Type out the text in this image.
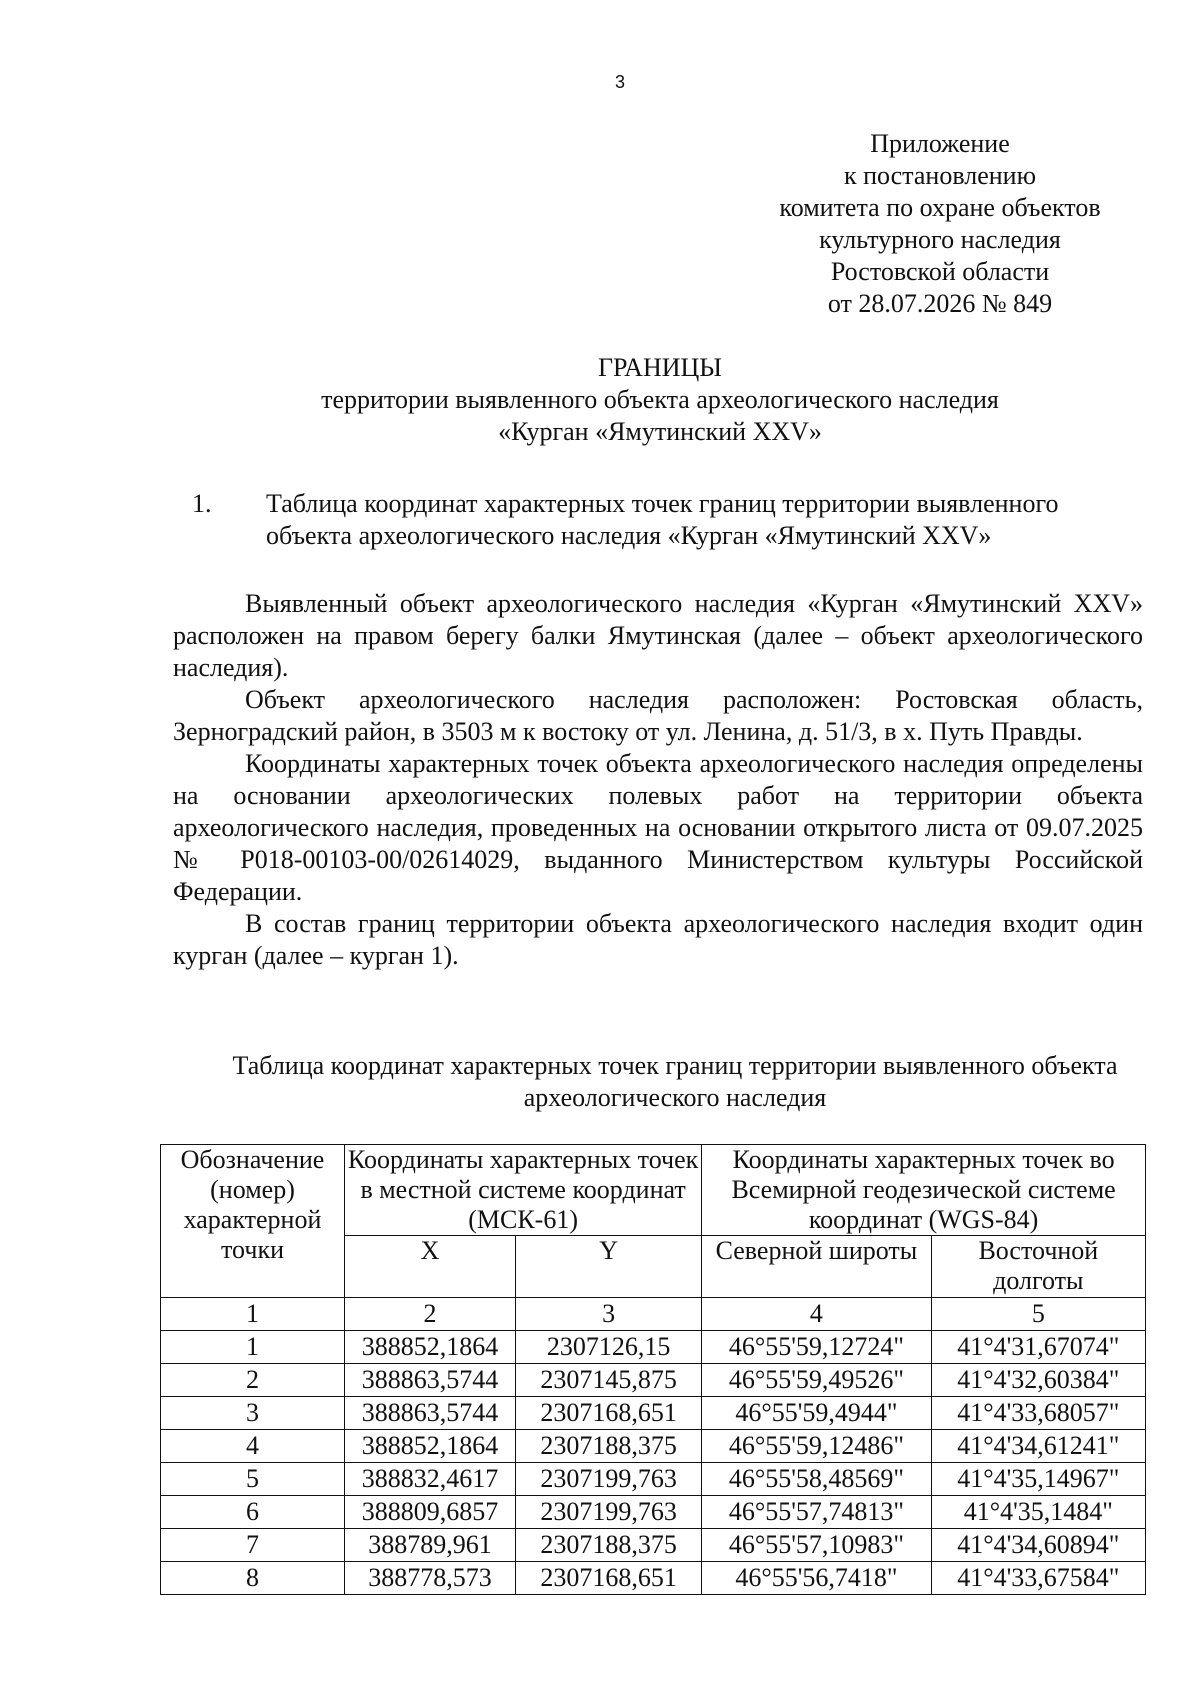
3
Приложение
к постановлению
комитета по охране объектов
культурного наследия
Ростовской области
от 28.07.2026 № 849
ГРАНИЦЫ
территории выявленного объекта археологического наследия
«Курган «Ямутинский XXV»
1. Таблица координат характерных точек границ территории выявленного объекта археологического наследия «Курган «Ямутинский XXV»

Выявленный объект археологического наследия «Курган «Ямутинский XXV» расположен на правом берегу балки Ямутинская (далее – объект археологического наследия).

Объект археологического наследия расположен: Ростовская область, Зерноградский район, в 3503 м к востоку от ул. Ленина, д. 51/3, в х. Путь Правды.

Координаты характерных точек объекта археологического наследия определены на основании археологических полевых работ на территории объекта археологического наследия, проведенных на основании открытого листа от 09.07.2025 № Р018-00103-00/02614029, выданного Министерством культуры Российской Федерации.

В состав границ территории объекта археологического наследия входит один курган (далее – курган 1).

Таблица координат характерных точек границ территории выявленного объекта археологического наследия
Обозначение (номер) характерной точки	Координаты характерных точек в местной системе координат (МСК-61)		Координаты характерных точек во Всемирной геодезической системе координат (WGS-84)	
	X	Y	Северной широты	Восточной долготы
1	2	3	4	5
1	388852,1864	2307126,15	46°55'59,12724"	41°4'31,67074"
2	388863,5744	2307145,875	46°55'59,49526"	41°4'32,60384"
3	388863,5744	2307168,651	46°55'59,4944"	41°4'33,68057"
4	388852,1864	2307188,375	46°55'59,12486"	41°4'34,61241"
5	388832,4617	2307199,763	46°55'58,48569"	41°4'35,14967"
6	388809,6857	2307199,763	46°55'57,74813"	41°4'35,1484"
7	388789,961	2307188,375	46°55'57,10983"	41°4'34,60894"
8	388778,573	2307168,651	46°55'56,7418"	41°4'33,67584"
